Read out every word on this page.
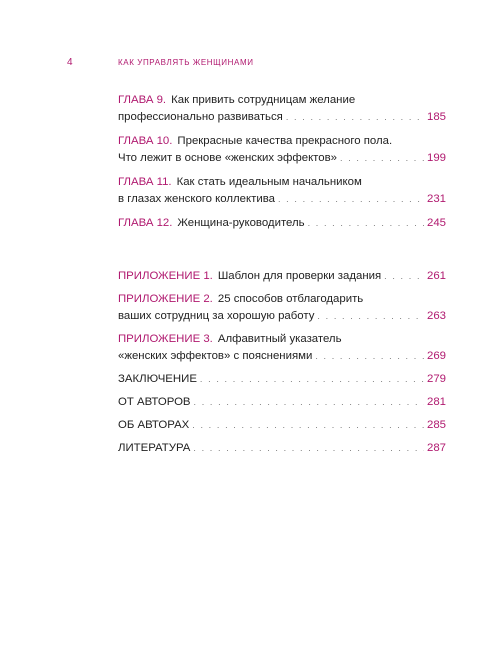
4	КАК УПРАВЛЯТЬ ЖЕНЩИНАМИ
ГЛАВА 9. Как привить сотрудницам желание
профессионально развиваться . . .	185
ГЛАВА 10. Прекрасные качества прекрасного пола.
Что лежит в основе «женских эффектов» . . .	199
ГЛАВА 11. Как стать идеальным начальником
в глазах женского коллектива . . .	231
ГЛАВА 12. Женщина-руководитель . . .	245
ПРИЛОЖЕНИЕ 1. Шаблон для проверки задания . . .	261
ПРИЛОЖЕНИЕ 2. 25 способов отблагодарить
ваших сотрудниц за хорошую работу . . .	263
ПРИЛОЖЕНИЕ 3. Алфавитный указатель
«женских эффектов» с пояснениями . . .	269
ЗАКЛЮЧЕНИЕ . . .	279
ОТ АВТОРОВ . . .	281
ОБ АВТОРАХ . . .	285
ЛИТЕРАТУРА . . .	287
